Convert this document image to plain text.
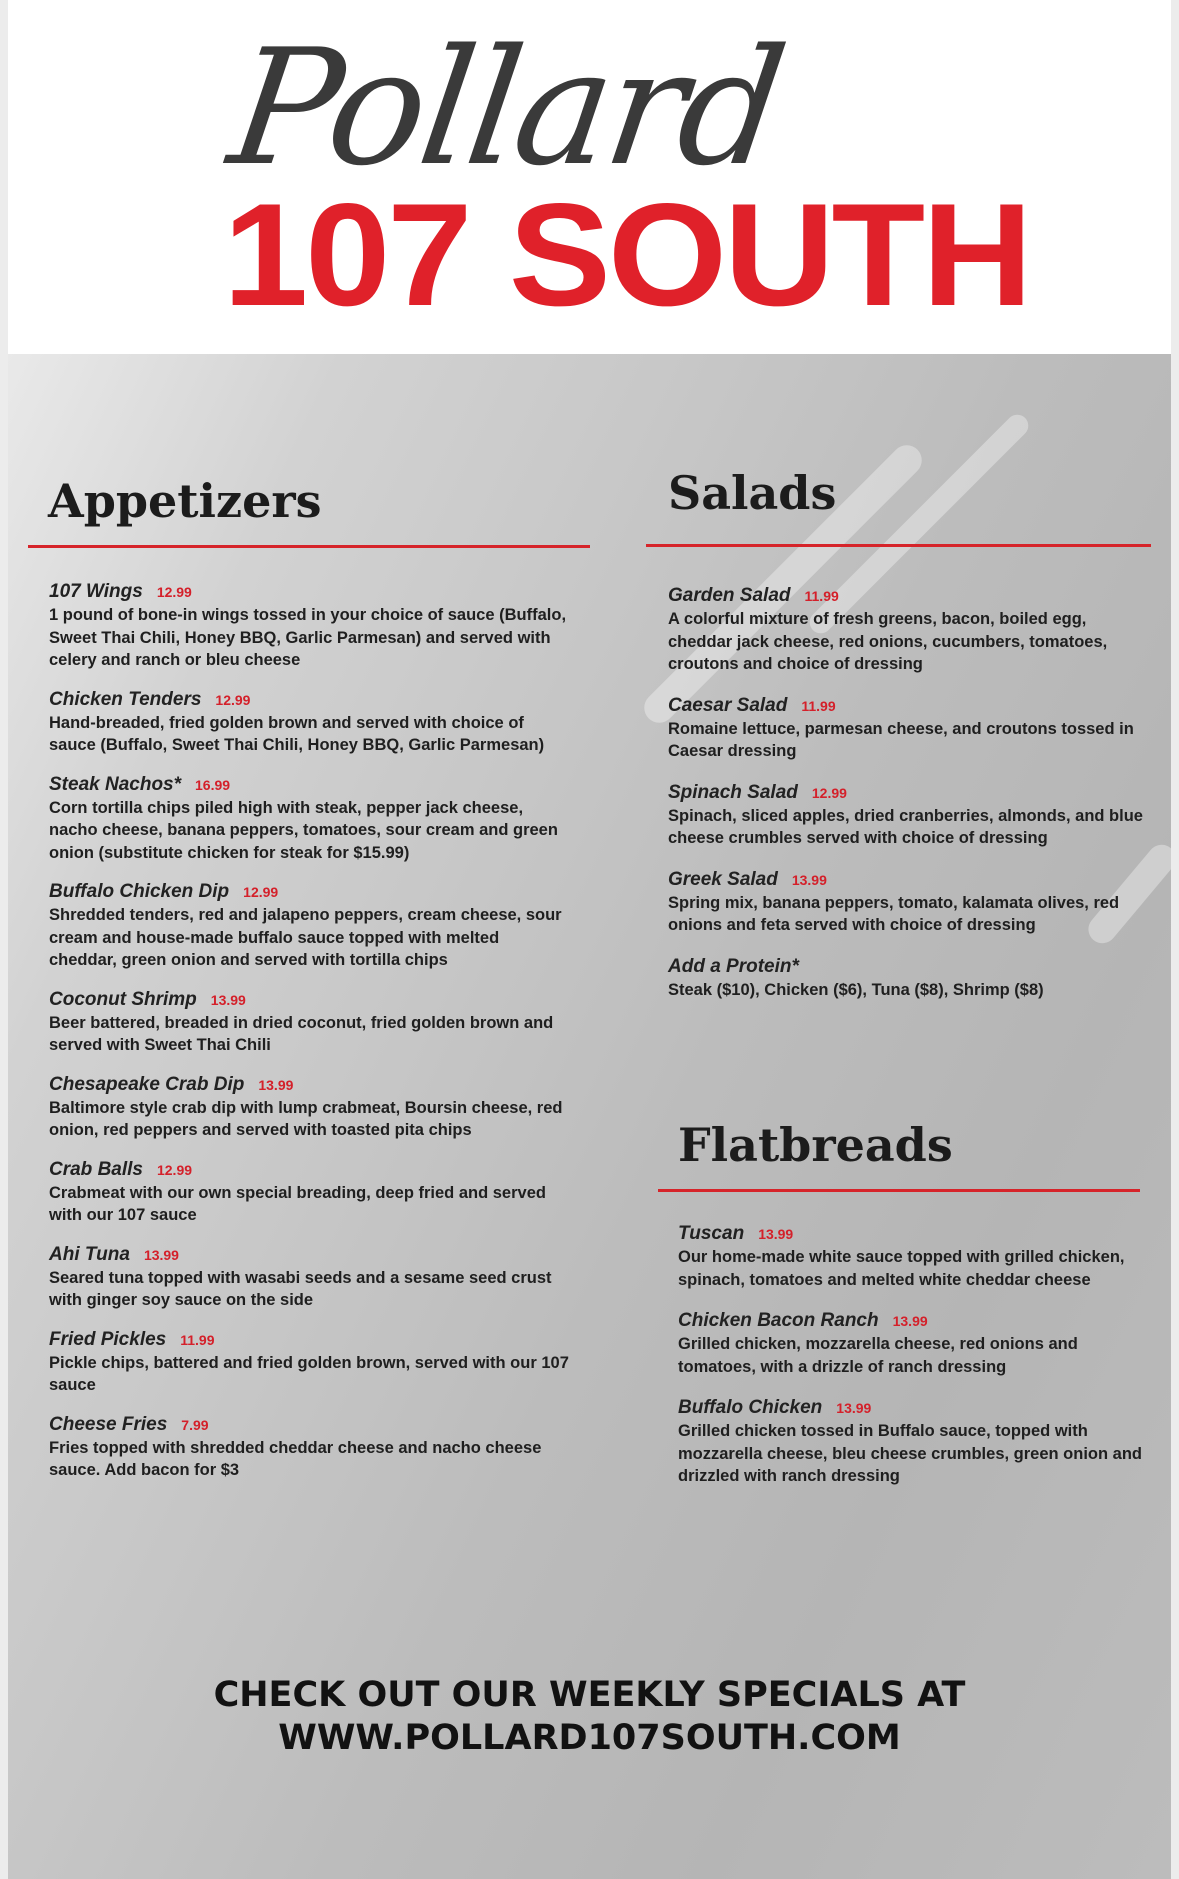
Pollard
107 SOUTH
Appetizers
107 Wings 12.99
1 pound of bone-in wings tossed in your choice of sauce (Buffalo, Sweet Thai Chili, Honey BBQ, Garlic Parmesan) and served with celery and ranch or bleu cheese
Chicken Tenders 12.99
Hand-breaded, fried golden brown and served with choice of sauce (Buffalo, Sweet Thai Chili, Honey BBQ, Garlic Parmesan)
Steak Nachos* 16.99
Corn tortilla chips piled high with steak, pepper jack cheese, nacho cheese, banana peppers, tomatoes, sour cream and green onion (substitute chicken for steak for $15.99)
Buffalo Chicken Dip 12.99
Shredded tenders, red and jalapeno peppers, cream cheese, sour cream and house-made buffalo sauce topped with melted cheddar, green onion and served with tortilla chips
Coconut Shrimp 13.99
Beer battered, breaded in dried coconut, fried golden brown and served with Sweet Thai Chili
Chesapeake Crab Dip 13.99
Baltimore style crab dip with lump crabmeat, Boursin cheese, red onion, red peppers and served with toasted pita chips
Crab Balls 12.99
Crabmeat with our own special breading, deep fried and served with our 107 sauce
Ahi Tuna 13.99
Seared tuna topped with wasabi seeds and a sesame seed crust with ginger soy sauce on the side
Fried Pickles 11.99
Pickle chips, battered and fried golden brown, served with our 107 sauce
Cheese Fries 7.99
Fries topped with shredded cheddar cheese and nacho cheese sauce. Add bacon for $3
Salads
Garden Salad 11.99
A colorful mixture of fresh greens, bacon, boiled egg, cheddar jack cheese, red onions, cucumbers, tomatoes, croutons and choice of dressing
Caesar Salad 11.99
Romaine lettuce, parmesan cheese, and croutons tossed in Caesar dressing
Spinach Salad 12.99
Spinach, sliced apples, dried cranberries, almonds, and blue cheese crumbles served with choice of dressing
Greek Salad 13.99
Spring mix, banana peppers, tomato, kalamata olives, red onions and feta served with choice of dressing
Add a Protein*
Steak ($10), Chicken ($6), Tuna ($8), Shrimp ($8)
Flatbreads
Tuscan 13.99
Our home-made white sauce topped with grilled chicken, spinach, tomatoes and melted white cheddar cheese
Chicken Bacon Ranch 13.99
Grilled chicken, mozzarella cheese, red onions and tomatoes, with a drizzle of ranch dressing
Buffalo Chicken 13.99
Grilled chicken tossed in Buffalo sauce, topped with mozzarella cheese, bleu cheese crumbles, green onion and drizzled with ranch dressing
CHECK OUT OUR WEEKLY SPECIALS AT
WWW.POLLARD107SOUTH.COM
